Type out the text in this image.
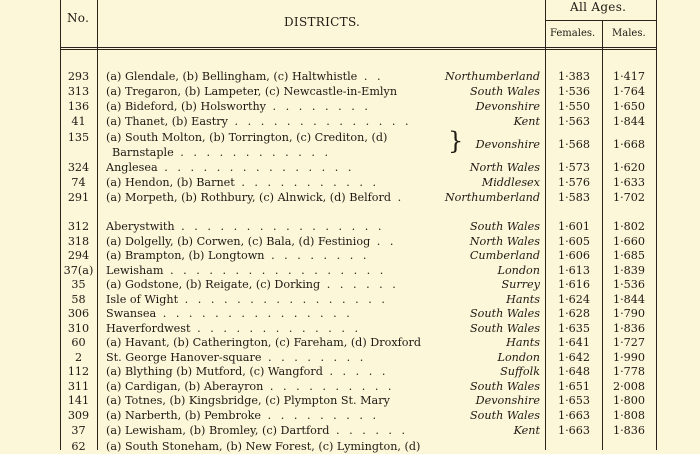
No.	DISTRICTS.
All Ages.
Females. Males.
293	(a) Glendale, (b) Bellingham, (c) Haltwhistle . .	Northumberland	1·383	1·417
313	(a) Tregaron, (b) Lampeter, (c) Newcastle-in-Emlyn	South Wales	1·536	1·764
136	(a) Bideford, (b) Holsworthy . . . . . . . .	Devonshire	1·550	1·650
41	(a) Thanet, (b) Eastry . . . . . . . . . . . . . .	Kent	1·563	1·844
135	(a) South Molton, (b) Torrington, (c) Crediton, (d)	} Devonshire	1·568	1·668
Barnstaple . . . . . . . . . . . .
324	Anglesea . . . . . . . . . . . . . . .	North Wales	1·573	1·620
74	(a) Hendon, (b) Barnet . . . . . . . . . . .	Middlesex	1·576	1·633
291	(a) Morpeth, (b) Rothbury, (c) Alnwick, (d) Belford .	Northumberland	1·583	1·702
312	Aberystwith . . . . . . . . . . . . . . . .	South Wales	1·601	1·802
318	(a) Dolgelly, (b) Corwen, (c) Bala, (d) Festiniog . .	North Wales	1·605	1·660
294	(a) Brampton, (b) Longtown . . . . . . . .	Cumberland	1·606	1·685
37(a)	Lewisham . . . . . . . . . . . . . . . . .	London	1·613	1·839
35	(a) Godstone, (b) Reigate, (c) Dorking . . . . . .	Surrey	1·616	1·536
58	Isle of Wight . . . . . . . . . . . . . . . .	Hants	1·624	1·844
306	Swansea . . . . . . . . . . . . . . .	South Wales	1·628	1·790
310	Haverfordwest . . . . . . . . . . . . .	South Wales	1·635	1·836
60	(a) Havant, (b) Catherington, (c) Fareham, (d) Droxford	Hants	1·641	1·727
2	St. George Hanover-square . . . . . . . .	London	1·642	1·990
112	(a) Blything (b) Mutford, (c) Wangford . . . . .	Suffolk	1·648	1·778
311	(a) Cardigan, (b) Aberayron . . . . . . . . . .	South Wales	1·651	2·008
141	(a) Totnes, (b) Kingsbridge, (c) Plympton St. Mary	Devonshire	1·653	1·800
309	(a) Narberth, (b) Pembroke . . . . . . . . .	South Wales	1·663	1·808
37	(a) Lewisham, (b) Bromley, (c) Dartford . . . . . .	Kent	1·663	1·836
62	(a) South Stoneham, (b) New Forest, (c) Lymington, (d)
